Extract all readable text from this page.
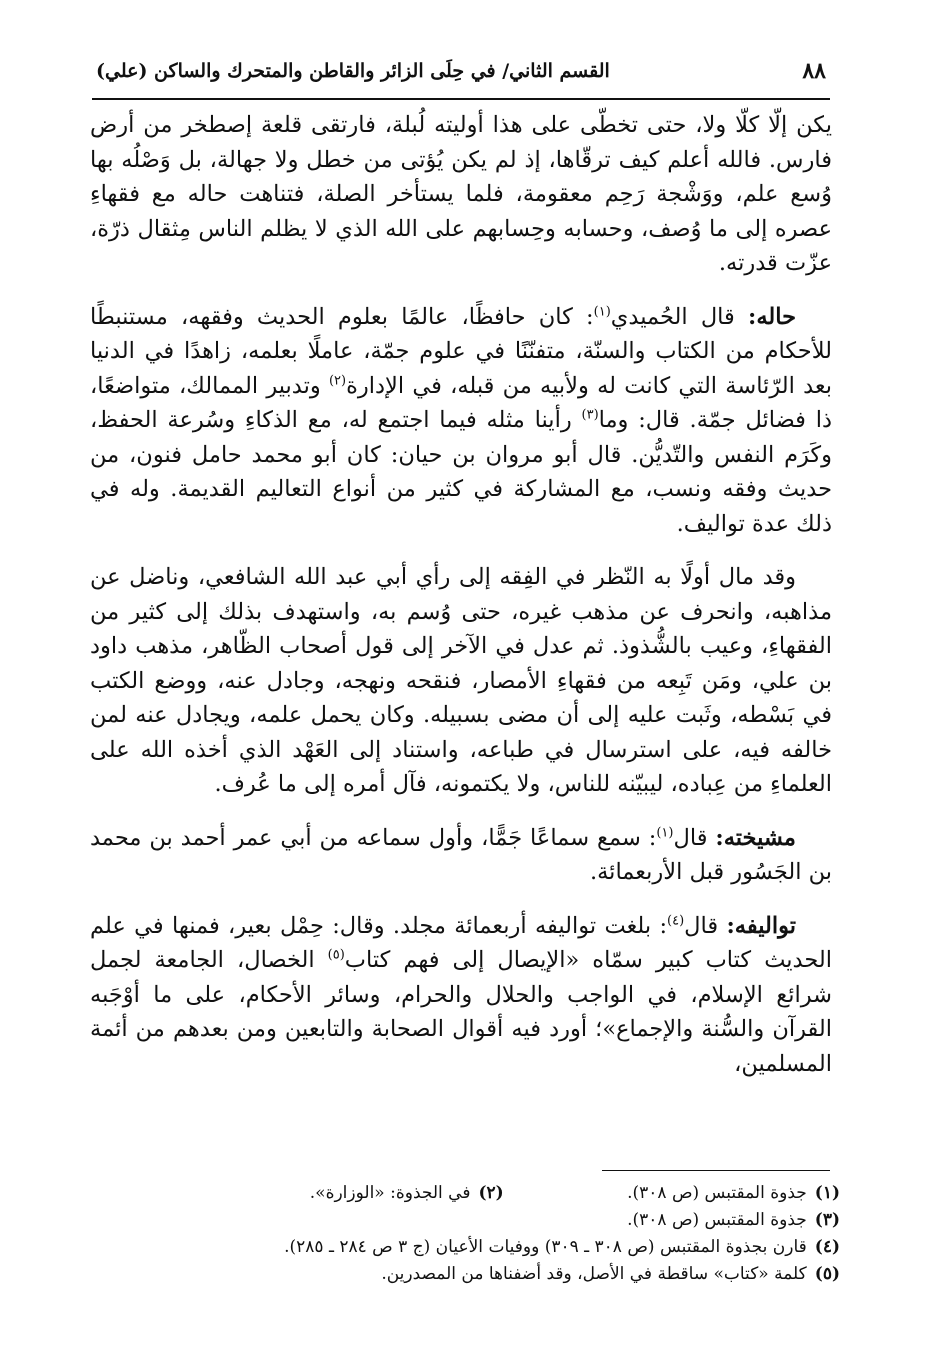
٨٨
القسم الثاني/ في حِلَى الزائر والقاطن والمتحرك والساكن (علي)

يكن إلّا كلّا ولا، حتى تخطّى على هذا أوليته لُبلة، فارتقى قلعة إصطخر من أرض فارس. فالله أعلم كيف ترقّاها، إذ لم يكن يُؤتى من خطل ولا جهالة، بل وَصْلُه بها وُسع علم، ووَشْجة رَحِم معقومة، فلما يستأخر الصلة، فتناهت حاله مع فقهاءِ عصره إلى ما وُصف، وحسابه وحِسابهم على الله الذي لا يظلم الناس مِثقال ذرّة، عزّت قدرته.

حاله: قال الحُميدي$^{(١)}$: كان حافظًا، عالمًا بعلوم الحديث وفقهه، مستنبطًا للأحكام من الكتاب والسنّة، متفنّنًا في علوم جمّة، عاملًا بعلمه، زاهدًا في الدنيا بعد الرّئاسة التي كانت له ولأبيه من قبله، في الإدارة$^{(٢)}$ وتدبير الممالك، متواضعًا، ذا فضائل جمّة. قال: وما$^{(٣)}$ رأينا مثله فيما اجتمع له، مع الذكاءِ وسُرعة الحفظ، وكَرَم النفس والتّديُّن. قال أبو مروان بن حيان: كان أبو محمد حامل فنون، من حديث وفقه ونسب، مع المشاركة في كثير من أنواع التعاليم القديمة. وله في ذلك عدة تواليف.

وقد مال أولًا به النّظر في الفِقه إلى رأي أبي عبد الله الشافعي، وناضل عن مذاهبه، وانحرف عن مذهب غيره، حتى وُسم به، واستهدف بذلك إلى كثير من الفقهاءِ، وعيب بالشُّذوذ. ثم عدل في الآخر إلى قول أصحاب الظّاهر، مذهب داود بن علي، ومَن تَبِعه من فقهاءِ الأمصار، فنقحه ونهجه، وجادل عنه، ووضع الكتب في بَسْطه، وثَبت عليه إلى أن مضى بسبيله. وكان يحمل علمه، ويجادل عنه لمن خالفه فيه، على استرسال في طباعه، واستناد إلى العَهْد الذي أخذه الله على العلماءِ من عِباده، ليبيّنه للناس، ولا يكتمونه، فآل أمره إلى ما عُرف.

مشيخته: قال$^{(١)}$: سمع سماعًا جَمًّا، وأول سماعه من أبي عمر أحمد بن محمد بن الجَسُور قبل الأربعمائة.

تواليفه: قال$^{(٤)}$: بلغت تواليفه أربعمائة مجلد. وقال: حِمْل بعير، فمنها في علم الحديث كتاب كبير سمّاه «الإيصال إلى فهم كتاب$^{(٥)}$ الخصال، الجامعة لجمل شرائع الإسلام، في الواجب والحلال والحرام، وسائر الأحكام، على ما أوْجَبه القرآن والسُّنة والإجماع»؛ أورد فيه أقوال الصحابة والتابعين ومن بعدهم من أئمة المسلمين،

(١)جذوة المقتبس (ص ٣٠٨). (٢)في الجذوة: «الوزارة».
(٣)جذوة المقتبس (ص ٣٠٨).
(٤)قارن بجذوة المقتبس (ص ٣٠٨ ـ ٣٠٩) ووفيات الأعيان (ج ٣ ص ٢٨٤ ـ ٢٨٥).
(٥)كلمة «كتاب» ساقطة في الأصل، وقد أضفناها من المصدرين.
